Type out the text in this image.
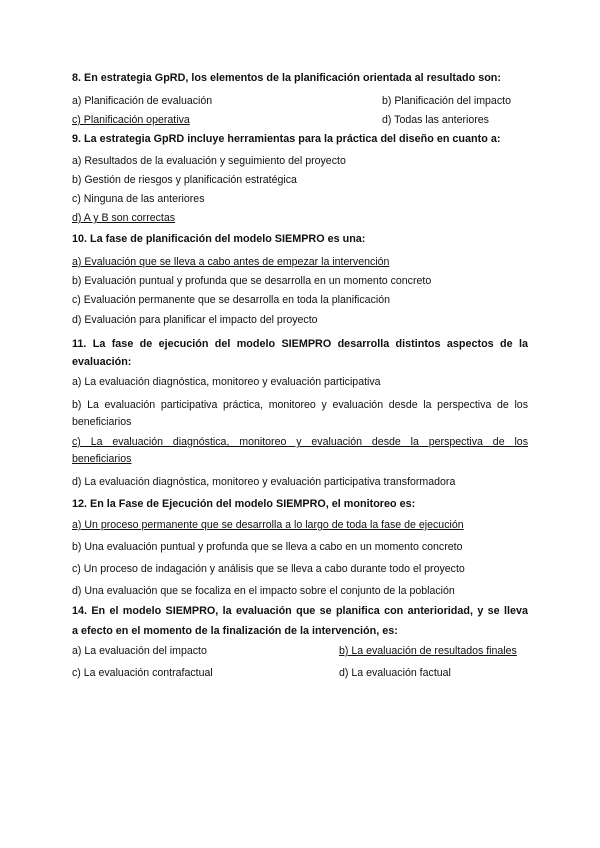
8. En estrategia GpRD, los elementos de la planificación orientada al resultado son:
a) Planificación de evaluación	b) Planificación del impacto
c) Planificación operativa	d) Todas las anteriores
9. La estrategia GpRD incluye herramientas para la práctica del diseño en cuanto a:
a) Resultados de la evaluación y seguimiento del proyecto
b) Gestión de riesgos y planificación estratégica
c) Ninguna de las anteriores
d) A y B son correctas
10. La fase de planificación del modelo SIEMPRO es una:
a) Evaluación que se lleva a cabo antes de empezar la intervención
b) Evaluación puntual y profunda que se desarrolla en un momento concreto
c) Evaluación permanente que se desarrolla en toda la planificación
d) Evaluación para planificar el impacto del proyecto
11. La fase de ejecución del modelo SIEMPRO desarrolla distintos aspectos de la
evaluación:
a) La evaluación diagnóstica, monitoreo y evaluación participativa
b) La evaluación participativa práctica, monitoreo y evaluación desde la perspectiva de los
beneficiarios
c) La evaluación diagnóstica, monitoreo y evaluación desde la perspectiva de los
beneficiarios
d) La evaluación diagnóstica, monitoreo y evaluación participativa transformadora
12. En la Fase de Ejecución del modelo SIEMPRO, el monitoreo es:
a) Un proceso permanente que se desarrolla a lo largo de toda la fase de ejecución
b) Una evaluación puntual y profunda que se lleva a cabo en un momento concreto
c) Un proceso de indagación y análisis que se lleva a cabo durante todo el proyecto
d) Una evaluación que se focaliza en el impacto sobre el conjunto de la población
14. En el modelo SIEMPRO, la evaluación que se planifica con anterioridad, y se lleva
a efecto en el momento de la finalización de la intervención, es:
a) La evaluación del impacto	b) La evaluación de resultados finales
c) La evaluación contrafactual	d) La evaluación factual
